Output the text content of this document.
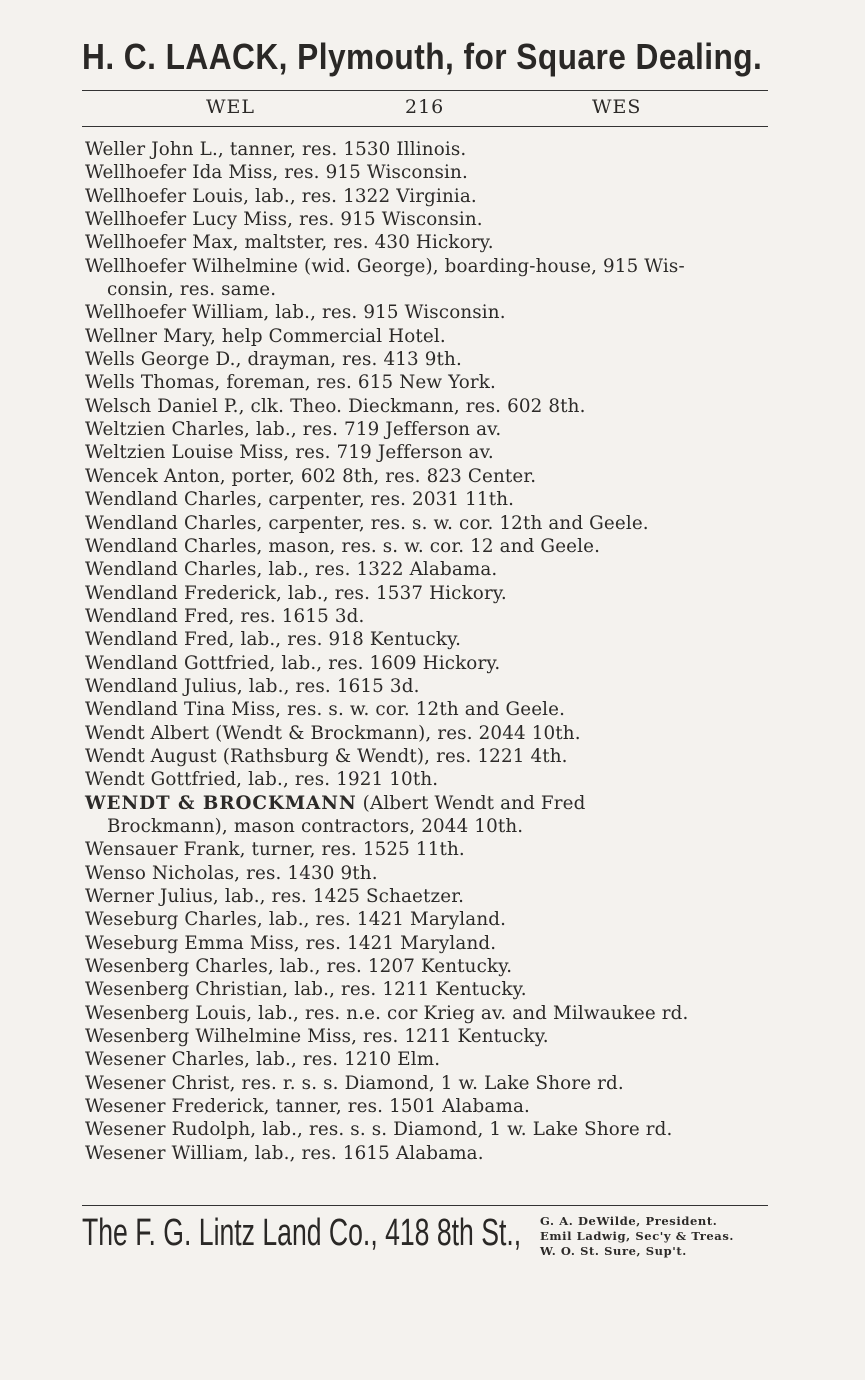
H. C. LAACK, Plymouth, for Square Dealing.
WEL	216	WES
Weller John L., tanner, res. 1530 Illinois.
Wellhoefer Ida Miss, res. 915 Wisconsin.
Wellhoefer Louis, lab., res. 1322 Virginia.
Wellhoefer Lucy Miss, res. 915 Wisconsin.
Wellhoefer Max, maltster, res. 430 Hickory.
Wellhoefer Wilhelmine (wid. George), boarding-house, 915 Wis-
consin, res. same.
Wellhoefer William, lab., res. 915 Wisconsin.
Wellner Mary, help Commercial Hotel.
Wells George D., drayman, res. 413 9th.
Wells Thomas, foreman, res. 615 New York.
Welsch Daniel P., clk. Theo. Dieckmann, res. 602 8th.
Weltzien Charles, lab., res. 719 Jefferson av.
Weltzien Louise Miss, res. 719 Jefferson av.
Wencek Anton, porter, 602 8th, res. 823 Center.
Wendland Charles, carpenter, res. 2031 11th.
Wendland Charles, carpenter, res. s. w. cor. 12th and Geele.
Wendland Charles, mason, res. s. w. cor. 12 and Geele.
Wendland Charles, lab., res. 1322 Alabama.
Wendland Frederick, lab., res. 1537 Hickory.
Wendland Fred, res. 1615 3d.
Wendland Fred, lab., res. 918 Kentucky.
Wendland Gottfried, lab., res. 1609 Hickory.
Wendland Julius, lab., res. 1615 3d.
Wendland Tina Miss, res. s. w. cor. 12th and Geele.
Wendt Albert (Wendt & Brockmann), res. 2044 10th.
Wendt August (Rathsburg & Wendt), res. 1221 4th.
Wendt Gottfried, lab., res. 1921 10th.
WENDT & BROCKMANN (Albert Wendt and Fred
Brockmann), mason contractors, 2044 10th.
Wensauer Frank, turner, res. 1525 11th.
Wenso Nicholas, res. 1430 9th.
Werner Julius, lab., res. 1425 Schaetzer.
Weseburg Charles, lab., res. 1421 Maryland.
Weseburg Emma Miss, res. 1421 Maryland.
Wesenberg Charles, lab., res. 1207 Kentucky.
Wesenberg Christian, lab., res. 1211 Kentucky.
Wesenberg Louis, lab., res. n.e. cor Krieg av. and Milwaukee rd.
Wesenberg Wilhelmine Miss, res. 1211 Kentucky.
Wesener Charles, lab., res. 1210 Elm.
Wesener Christ, res. r. s. s. Diamond, 1 w. Lake Shore rd.
Wesener Frederick, tanner, res. 1501 Alabama.
Wesener Rudolph, lab., res. s. s. Diamond, 1 w. Lake Shore rd.
Wesener William, lab., res. 1615 Alabama.
The F. G. Lintz Land Co., 418 8th St., G. A. DeWilde, President.
Emil Ladwig, Sec'y & Treas.
W. O. St. Sure, Sup't.
